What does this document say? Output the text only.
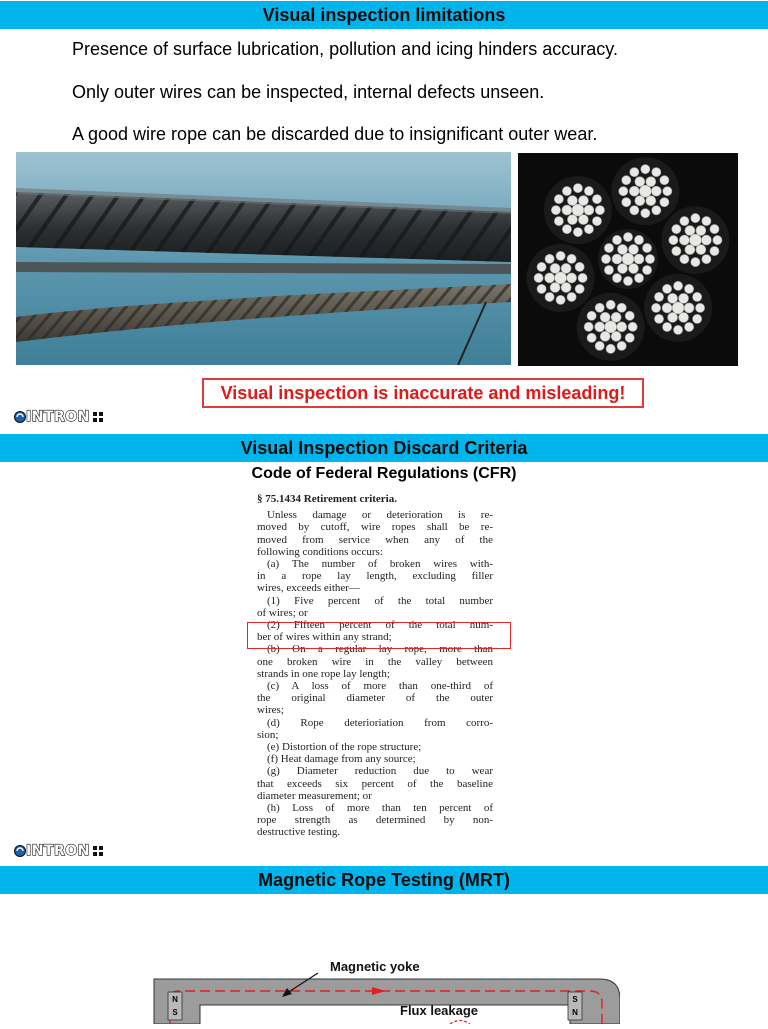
Visual inspection limitations
Presence of surface lubrication, pollution and icing hinders accuracy.
Only outer wires can be inspected, internal defects unseen.
A good wire rope can be discarded due to insignificant outer wear.
Visual inspection is inaccurate and misleading!
INTRON
Visual Inspection Discard Criteria
Code of Federal Regulations (CFR)
§ 75.1434 Retirement criteria.
Unless damage or deterioration is re-
moved by cutoff, wire ropes shall be re-
moved from service when any of the
following conditions occurs:
(a) The number of broken wires with-
in a rope lay length, excluding filler
wires, exceeds either—
(1) Five percent of the total number
of wires; or
(2) Fifteen percent of the total num-
ber of wires within any strand;
(b) On a regular lay rope, more than
one broken wire in the valley between
strands in one rope lay length;
(c) A loss of more than one-third of
the original diameter of the outer
wires;
(d) Rope deterioriation from corro-
sion;
(e) Distortion of the rope structure;
(f) Heat damage from any source;
(g) Diameter reduction due to wear
that exceeds six percent of the baseline
diameter measurement; or
(h) Loss of more than ten percent of
rope strength as determined by non-
destructive testing.
INTRON
Magnetic Rope Testing (MRT)
N
S
S
N
Magnetic yoke
Flux leakage
